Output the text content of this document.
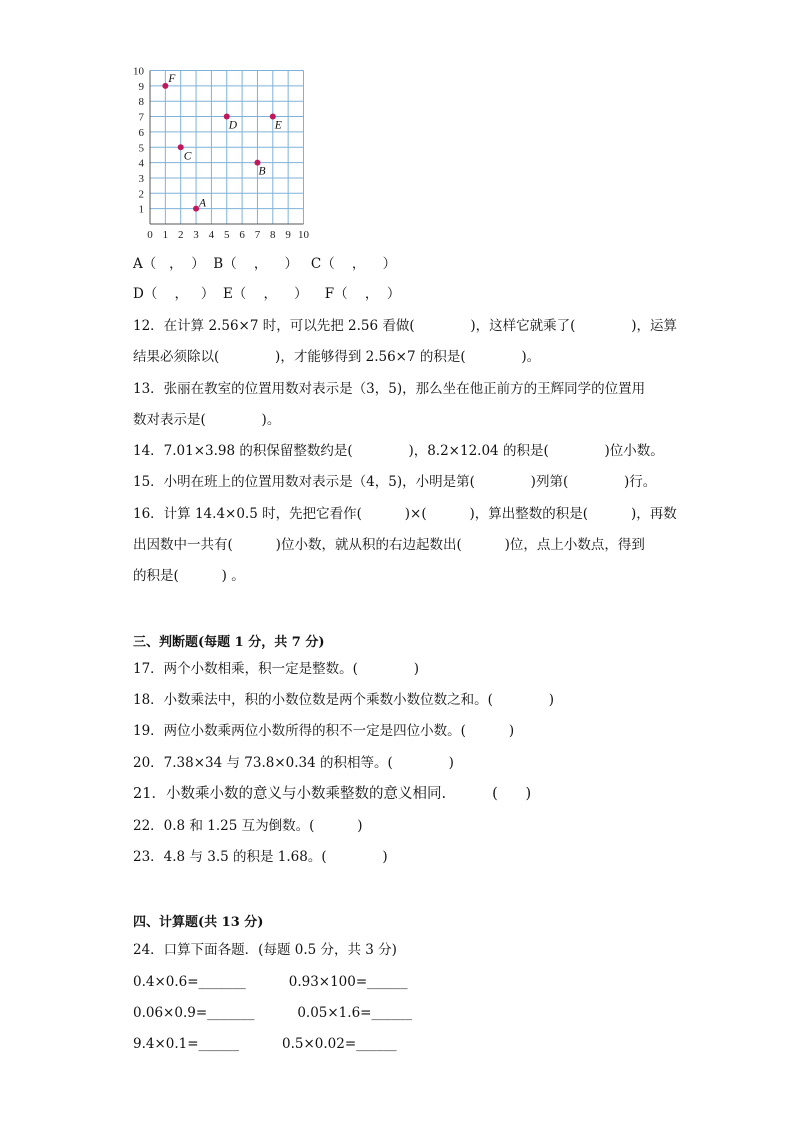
0 1 2 3 4 5 6 7 8 9 10
1
2
3
4
5
6
7
8
9
10
F
D	E
C
B
A
A（   ，  ）  B（    ，    ）   C（    ，    ）
D（    ，   ）  E（    ，    ）    F（    ，  ）
12．在计算 2.56×7 时，可以先把 2.56 看做(             )，这样它就乘了(             )，运算
结果必须除以(             )，才能够得到 2.56×7 的积是(             )。
13．张丽在教室的位置用数对表示是（3，5)，那么坐在他正前方的王辉同学的位置用
数对表示是(             )。
14．7.01×3.98 的积保留整数约是(             )，8.2×12.04 的积是(             )位小数。
15．小明在班上的位置用数对表示是（4，5)，小明是第(             )列第(             )行。
16．计算 14.4×0.5 时，先把它看作(          )×(          )，算出整数的积是(          )，再数
出因数中一共有(          )位小数，就从积的右边起数出(          )位，点上小数点，得到
的积是(          ) 。
三、判断题(每题 1 分，共 7 分)
17．两个小数相乘，积一定是整数。(             )
18．小数乘法中，积的小数位数是两个乘数小数位数之和。(             )
19．两位小数乘两位小数所得的积不一定是四位小数。(          )
20．7.38×34 与 73.8×0.34 的积相等。(             )
21．小数乘小数的意义与小数乘整数的意义相同.          (      )
22．0.8 和 1.25 互为倒数。(          )
23．4.8 与 3.5 的积是 1.68。(             )
四、计算题(共 13 分)
24．口算下面各题．(每题 0.5 分，共 3 分)
0.4×0.6=_______          0.93×100=______
0.06×0.9=_______          0.05×1.6=______
9.4×0.1=______          0.5×0.02=______
